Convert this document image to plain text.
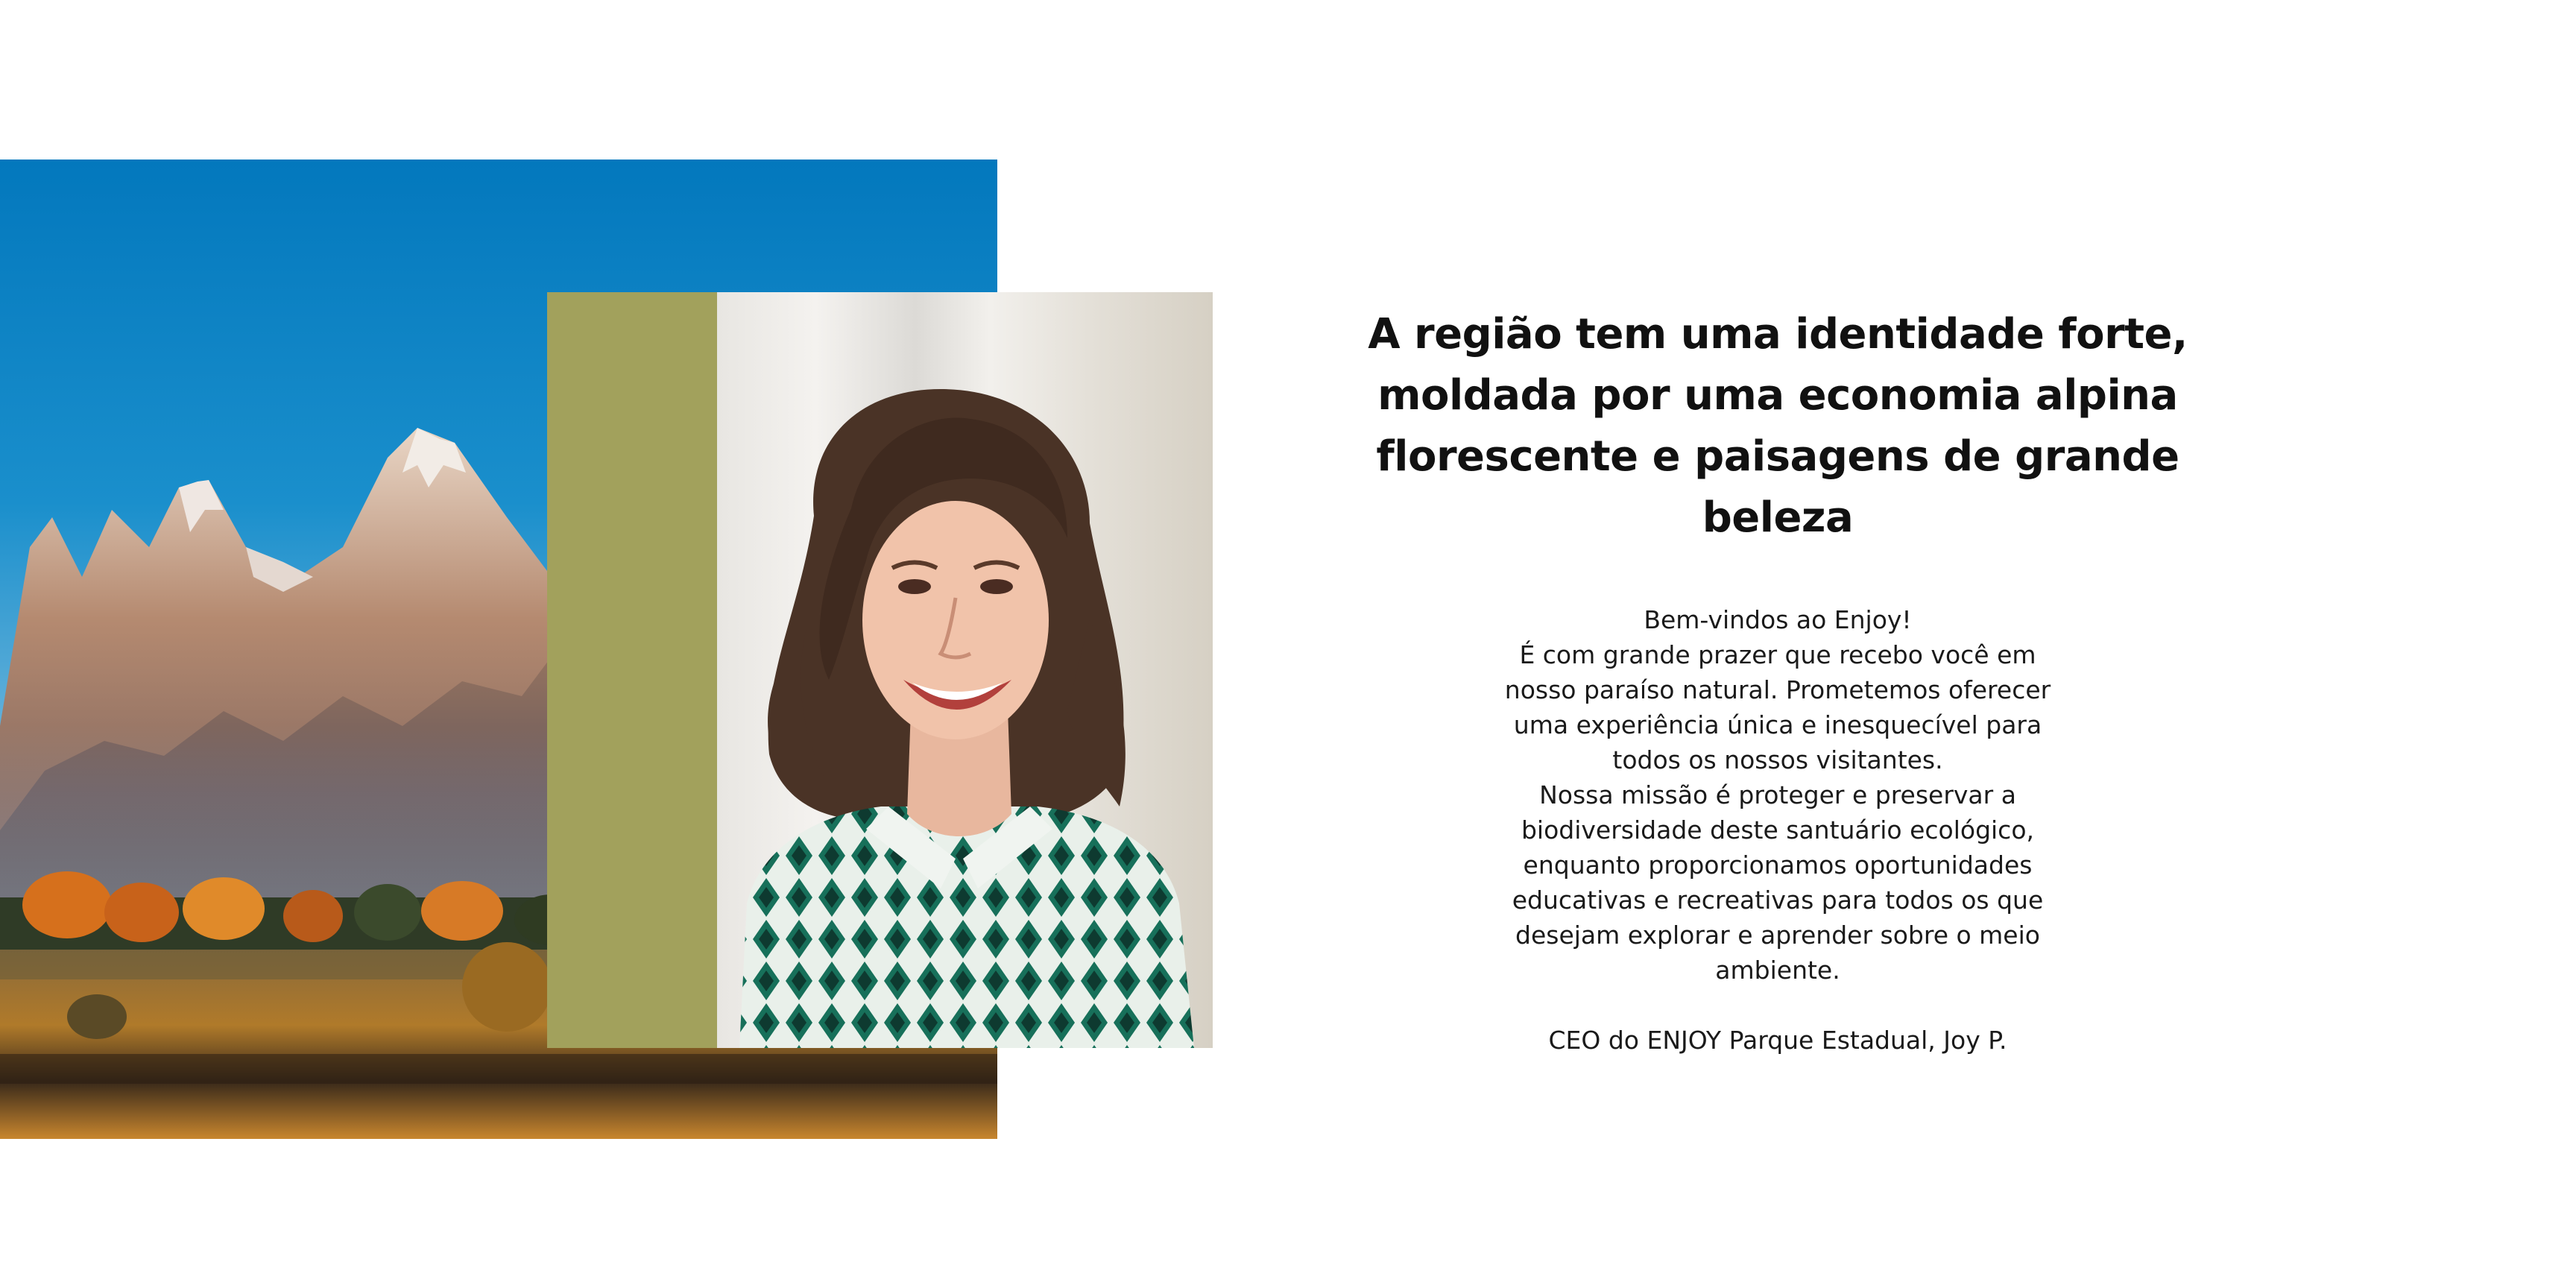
A região tem uma identidade forte,
moldada por uma economia alpina
florescente e paisagens de grande beleza

Bem-vindos ao Enjoy!

É com grande prazer que recebo você em
nosso paraíso natural. Prometemos oferecer
uma experiência única e inesquecível para
todos os nossos visitantes.

Nossa missão é proteger e preservar a
biodiversidade deste santuário ecológico,
enquanto proporcionamos oportunidades
educativas e recreativas para todos os que
desejam explorar e aprender sobre o meio
ambiente.

CEO do ENJOY Parque Estadual, Joy P.
